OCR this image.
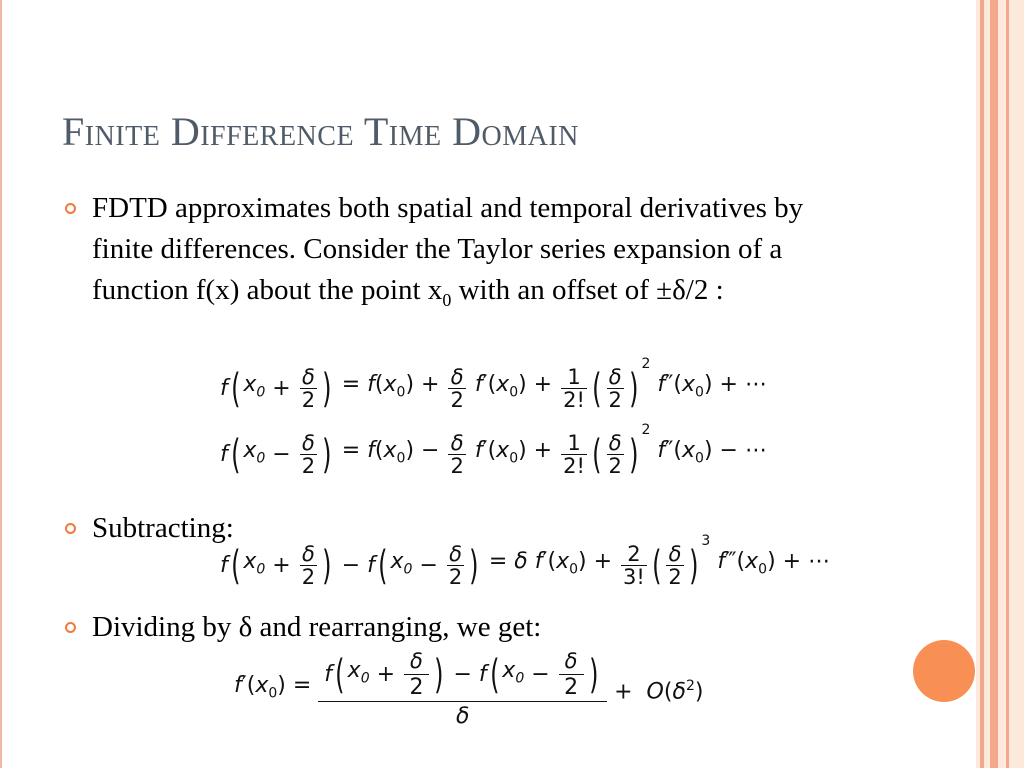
Finite Difference Time Domain
FDTD approximates both spatial and temporal derivatives by finite differences. Consider the Taylor series expansion of a function f(x) about the point $x_0$ with an offset of ±δ/2 :
f( $x_0 + \frac{\delta}{2}$ ) = $f(x_0) + \frac{\delta}{2} f'(x_0) + \frac{1}{2!}$ ( $\frac{\delta}{2} )^2$ $f''(x_0)$ + ⋯
f( $x_0 - \frac{\delta}{2}$ ) = $f(x_0) - \frac{\delta}{2} f'(x_0) + \frac{1}{2!}$ ( $\frac{\delta}{2} )^2$ $f''(x_0)$ − ⋯
Subtracting:
f( $x_0 + \frac{\delta}{2}$ ) − f( $x_0 - \frac{\delta}{2}$ ) = δ $f'(x_0) + \frac{2}{3!}$ ( $\frac{\delta}{2} )^3$ $f‴(x_0)$ + ⋯
Dividing by δ and rearranging, we get:
$f'(x_0) = f$( $x_0 + \frac{\delta}{2}$ ) − f( $x_0 - \frac{\delta}{2}$ )
δ
+  $O(\delta^2)$
